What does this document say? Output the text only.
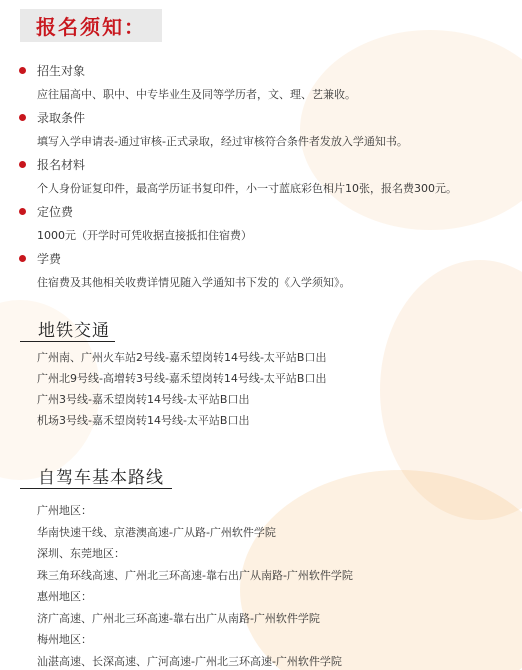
报名须知：
招生对象
应往届高中、职中、中专毕业生及同等学历者，文、理、艺兼收。
录取条件
填写入学申请表-通过审核-正式录取，经过审核符合条件者发放入学通知书。
报名材料
个人身份证复印件，最高学历证书复印件，小一寸蓝底彩色相片10张，报名费300元。
定位费
1000元（开学时可凭收据直接抵扣住宿费）
学费
住宿费及其他相关收费详情见随入学通知书下发的《入学须知》。
地铁交通
广州南、广州火车站2号线-嘉禾望岗转14号线-太平站B口出
广州北9号线-高增转3号线-嘉禾望岗转14号线-太平站B口出
广州3号线-嘉禾望岗转14号线-太平站B口出
机场3号线-嘉禾望岗转14号线-太平站B口出
自驾车基本路线
广州地区：
华南快速干线、京港澳高速-广从路-广州软件学院
深圳、东莞地区：
珠三角环线高速、广州北三环高速-靠右出广从南路-广州软件学院
惠州地区：
济广高速、广州北三环高速-靠右出广从南路-广州软件学院
梅州地区：
汕湛高速、长深高速、广河高速-广州北三环高速-广州软件学院
